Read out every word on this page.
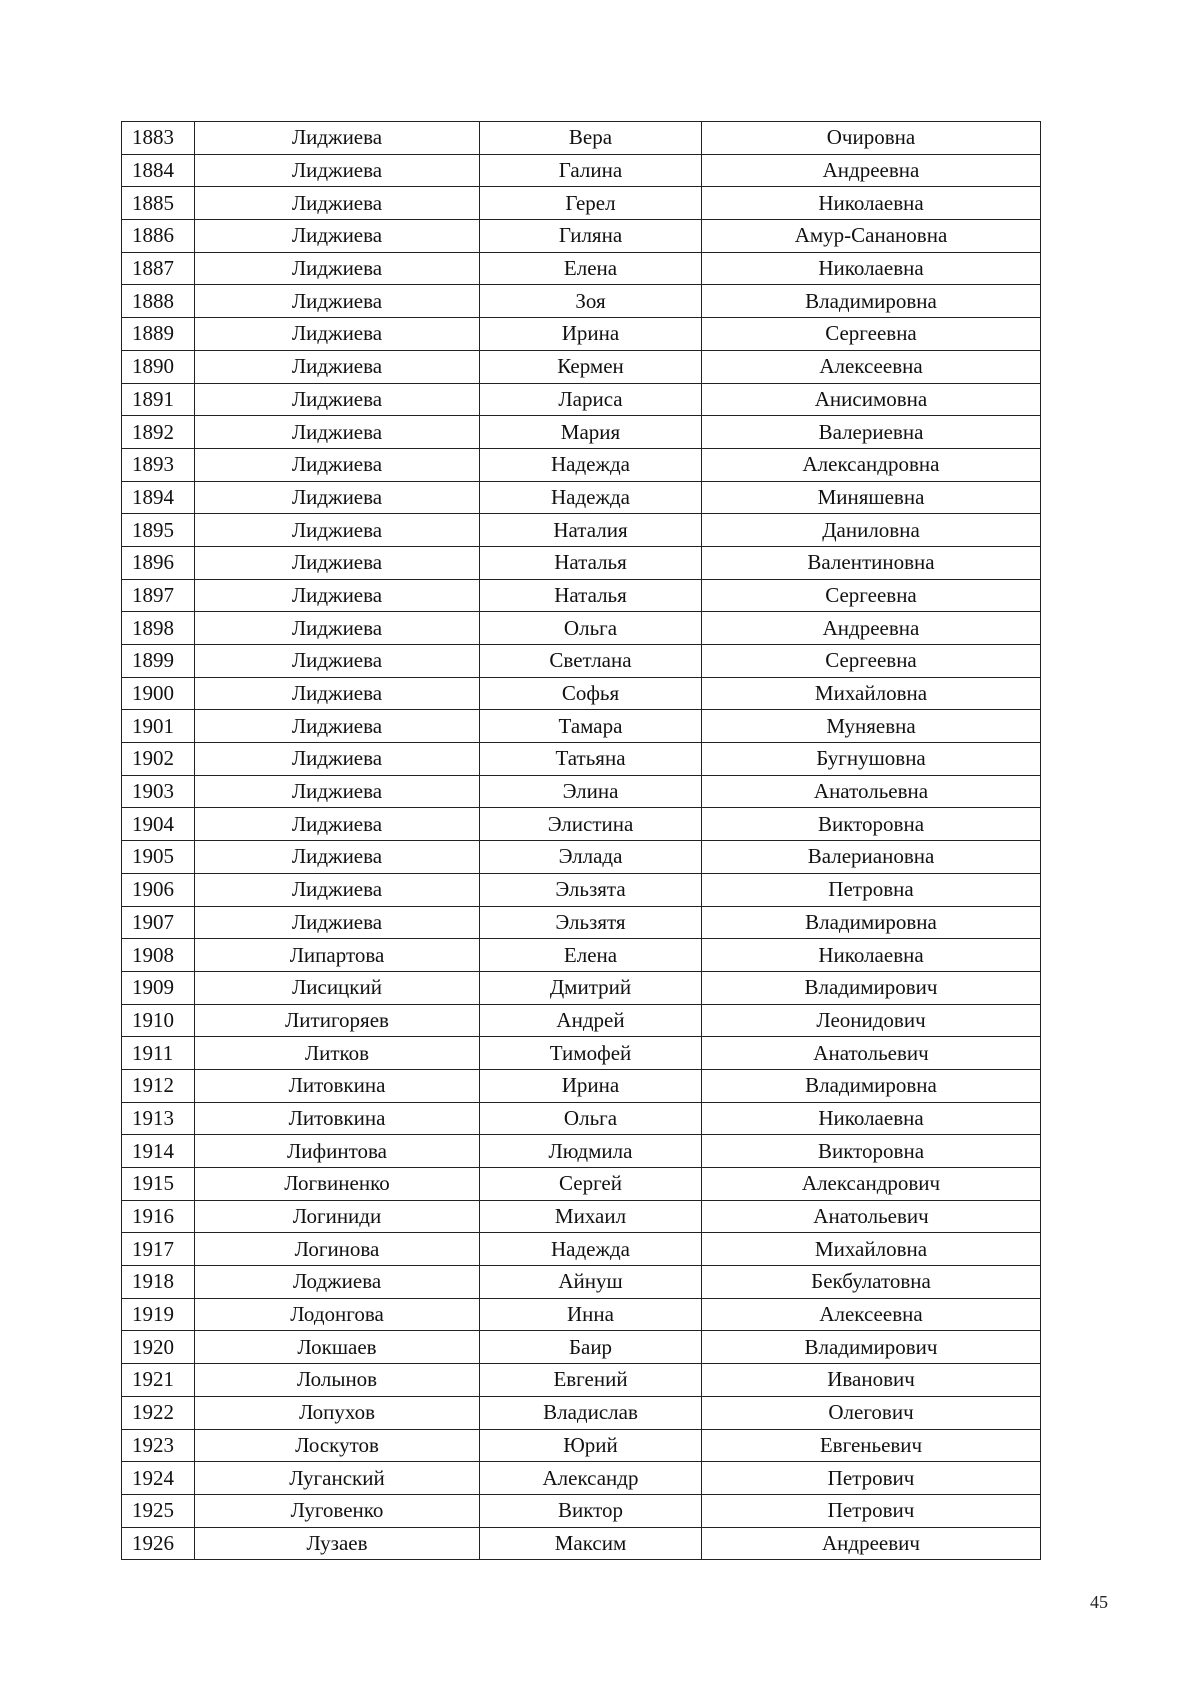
1883	Лиджиева	Вера	Очировна
1884	Лиджиева	Галина	Андреевна
1885	Лиджиева	Герел	Николаевна
1886	Лиджиева	Гиляна	Амур-Санановна
1887	Лиджиева	Елена	Николаевна
1888	Лиджиева	Зоя	Владимировна
1889	Лиджиева	Ирина	Сергеевна
1890	Лиджиева	Кермен	Алексеевна
1891	Лиджиева	Лариса	Анисимовна
1892	Лиджиева	Мария	Валериевна
1893	Лиджиева	Надежда	Александровна
1894	Лиджиева	Надежда	Миняшевна
1895	Лиджиева	Наталия	Даниловна
1896	Лиджиева	Наталья	Валентиновна
1897	Лиджиева	Наталья	Сергеевна
1898	Лиджиева	Ольга	Андреевна
1899	Лиджиева	Светлана	Сергеевна
1900	Лиджиева	Софья	Михайловна
1901	Лиджиева	Тамара	Муняевна
1902	Лиджиева	Татьяна	Бугнушовна
1903	Лиджиева	Элина	Анатольевна
1904	Лиджиева	Элистина	Викторовна
1905	Лиджиева	Эллада	Валериановна
1906	Лиджиева	Эльзята	Петровна
1907	Лиджиева	Эльзятя	Владимировна
1908	Липартова	Елена	Николаевна
1909	Лисицкий	Дмитрий	Владимирович
1910	Литигоряев	Андрей	Леонидович
1911	Литков	Тимофей	Анатольевич
1912	Литовкина	Ирина	Владимировна
1913	Литовкина	Ольга	Николаевна
1914	Лифинтова	Людмила	Викторовна
1915	Логвиненко	Сергей	Александрович
1916	Логиниди	Михаил	Анатольевич
1917	Логинова	Надежда	Михайловна
1918	Лоджиева	Айнуш	Бекбулатовна
1919	Лодонгова	Инна	Алексеевна
1920	Локшаев	Баир	Владимирович
1921	Лолынов	Евгений	Иванович
1922	Лопухов	Владислав	Олегович
1923	Лоскутов	Юрий	Евгеньевич
1924	Луганский	Александр	Петрович
1925	Луговенко	Виктор	Петрович
1926	Лузаев	Максим	Андреевич
45
